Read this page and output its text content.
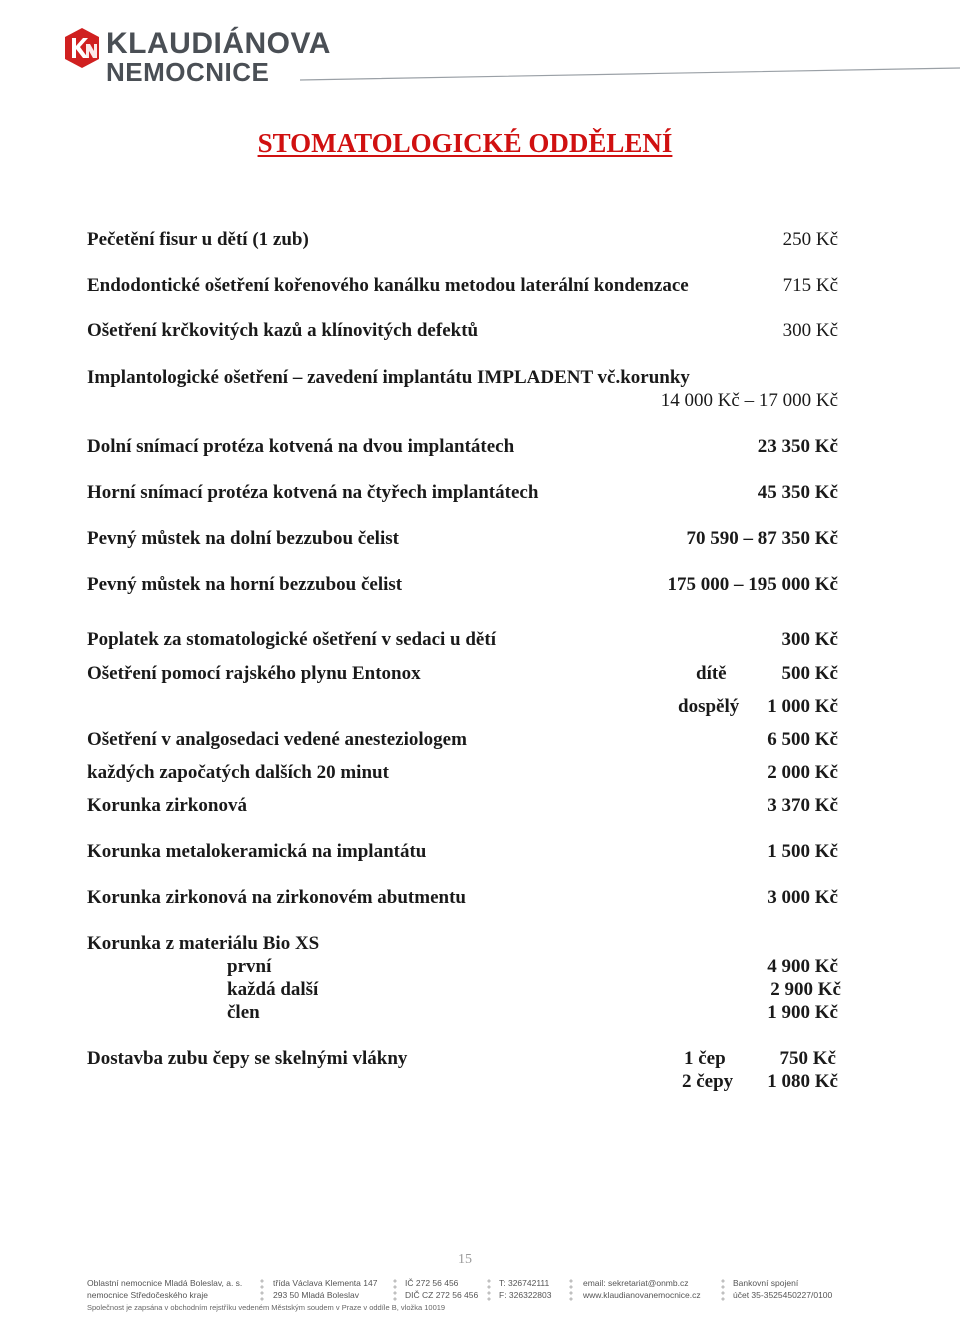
KLAUDIÁNOVA
NEMOCNICE
STOMATOLOGICKÉ ODDĚLENÍ
Pečetění fisur u dětí (1 zub)	250 Kč
Endodontické ošetření kořenového kanálku metodou laterální kondenzace	715 Kč
Ošetření krčkovitých kazů a klínovitých defektů	300 Kč
Implantologické ošetření – zavedení implantátu IMPLADENT vč.korunky
14 000 Kč – 17 000 Kč
Dolní snímací protéza kotvená na dvou implantátech	23 350 Kč
Horní snímací protéza kotvená na čtyřech implantátech	45 350 Kč
Pevný můstek na dolní bezzubou čelist	70 590 – 87 350 Kč
Pevný můstek na horní bezzubou čelist	175 000 – 195 000 Kč
Poplatek za stomatologické ošetření v sedaci u dětí	300 Kč
Ošetření pomocí rajského plynu Entonox	dítě	500 Kč
dospělý 1 000 Kč
Ošetření v analgosedaci vedené anesteziologem	6 500 Kč
každých započatých dalších 20 minut	2 000 Kč
Korunka zirkonová	3 370 Kč
Korunka metalokeramická na implantátu	1 500 Kč
Korunka zirkonová na zirkonovém abutmentu	3 000 Kč
Korunka z materiálu Bio XS
první	4 900 Kč
každá další	2 900 Kč
člen	1 900 Kč
Dostavba zubu čepy se skelnými vlákny	1 čep	750 Kč
2 čepy 1 080 Kč
15
Oblastní nemocnice Mladá Boleslav, a. s.
nemocnice Středočeského kraje
třída Václava Klementa 147
293 50 Mladá Boleslav
IČ 272 56 456
DIČ CZ 272 56 456
T: 326742111
F: 326322803
email: sekretariat@onmb.cz
www.klaudianovanemocnice.cz
Bankovní spojení
účet 35-3525450227/0100
Společnost je zapsána v obchodním rejstříku vedeném Městským soudem v Praze v oddíle B, vložka 10019
